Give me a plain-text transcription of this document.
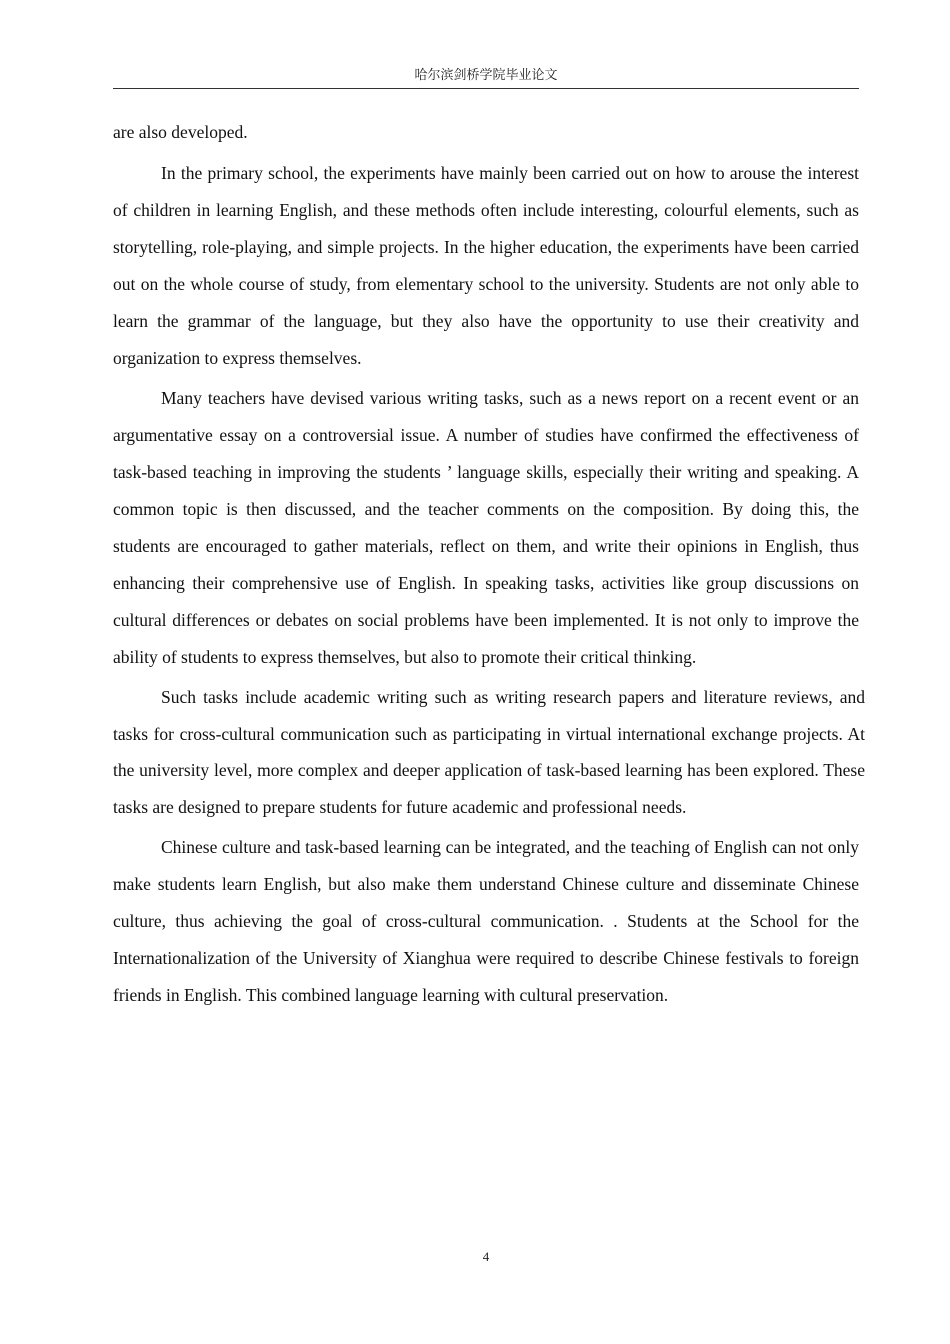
哈尔滨剑桥学院毕业论文

are also developed.

In the primary school, the experiments have mainly been carried out on how to arouse the interest of children in learning English, and these methods often include interesting, colourful elements, such as storytelling, role-playing, and simple projects. In the higher education, the experiments have been carried out on the whole course of study, from elementary school to the university. Students are not only able to learn the grammar of the language, but they also have the opportunity to use their creativity and organization to express themselves.

Many teachers have devised various writing tasks, such as a news report on a recent event or an argumentative essay on a controversial issue. A number of studies have confirmed the effectiveness of task-based teaching in improving the students ’ language skills, especially their writing and speaking. A common topic is then discussed, and the teacher comments on the composition. By doing this, the students are encouraged to gather materials, reflect on them, and write their opinions in English, thus enhancing their comprehensive use of English. In speaking tasks, activities like group discussions on cultural differences or debates on social problems have been implemented. It is not only to improve the ability of students to express themselves, but also to promote their critical thinking.

Such tasks include academic writing such as writing research papers and literature reviews, and tasks for cross-cultural communication such as participating in virtual international exchange projects. At the university level, more complex and deeper application of task-based learning has been explored. These tasks are designed to prepare students for future academic and professional needs.

Chinese culture and task-based learning can be integrated, and the teaching of English can not only make students learn English, but also make them understand Chinese culture and disseminate Chinese culture, thus achieving the goal of cross-cultural communication. . Students at the School for the Internationalization of the University of Xianghua were required to describe Chinese festivals to foreign friends in English. This combined language learning with cultural preservation.

4
